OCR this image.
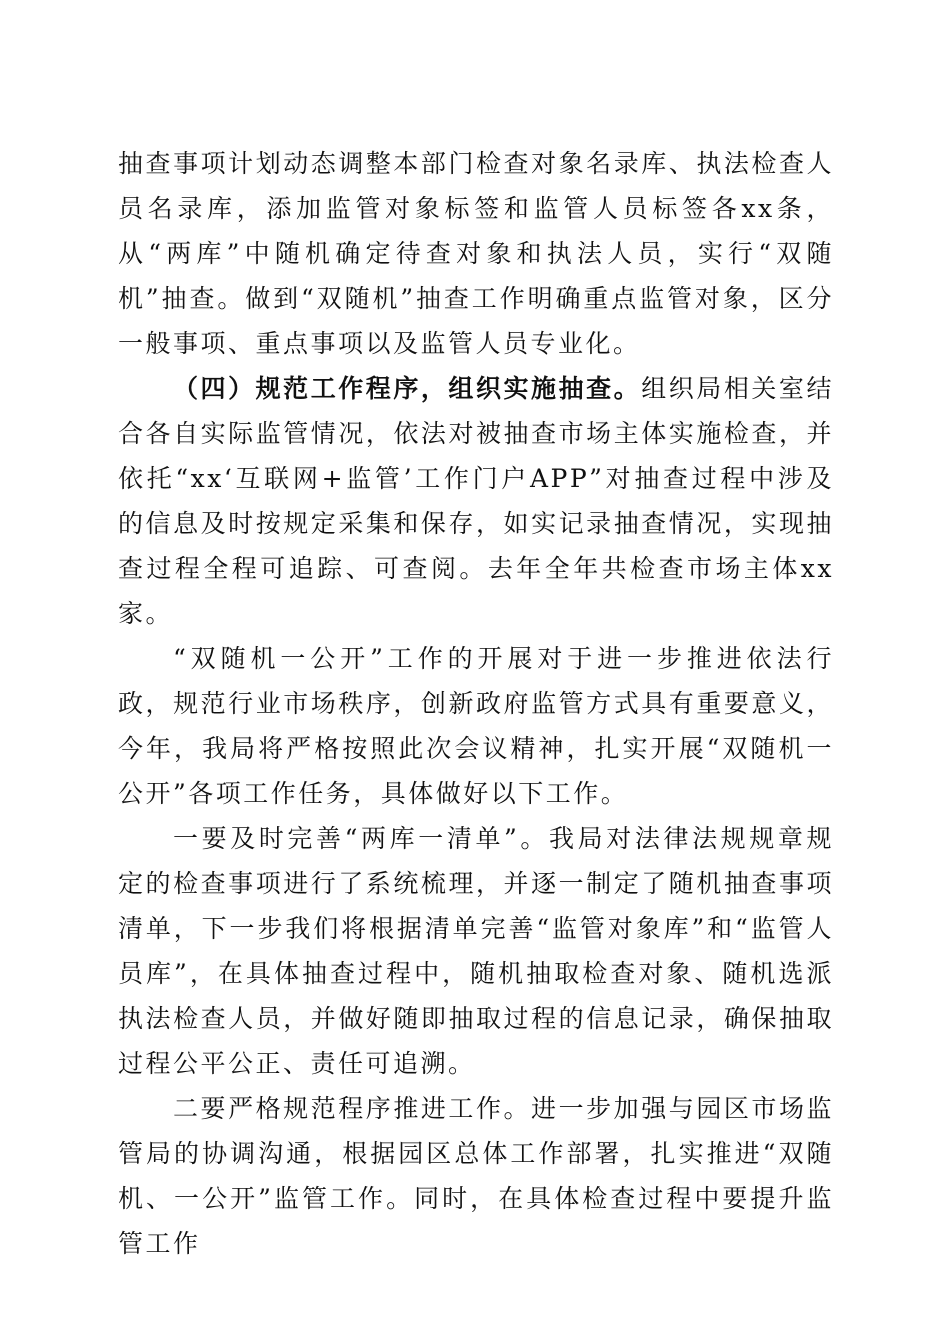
抽查事项计划动态调整本部门检查对象名录库、执法检查人员名录库，添加监管对象标签和监管人员标签各xx条，从“两库”中随机确定待查对象和执法人员，实行“双随机”抽查。做到“双随机”抽查工作明确重点监管对象，区分一般事项、重点事项以及监管人员专业化。

（四）规范工作程序，组织实施抽查。组织局相关室结合各自实际监管情况，依法对被抽查市场主体实施检查，并依托“xx‘互联网+监管’工作门户APP”对抽查过程中涉及的信息及时按规定采集和保存，如实记录抽查情况，实现抽查过程全程可追踪、可查阅。去年全年共检查市场主体xx家。

“双随机一公开”工作的开展对于进一步推进依法行政，规范行业市场秩序，创新政府监管方式具有重要意义，今年，我局将严格按照此次会议精神，扎实开展“双随机一公开”各项工作任务，具体做好以下工作。

一要及时完善“两库一清单”。我局对法律法规规章规定的检查事项进行了系统梳理，并逐一制定了随机抽查事项清单，下一步我们将根据清单完善“监管对象库”和“监管人员库”，在具体抽查过程中，随机抽取检查对象、随机选派执法检查人员，并做好随即抽取过程的信息记录，确保抽取过程公平公正、责任可追溯。

二要严格规范程序推进工作。进一步加强与园区市场监管局的协调沟通，根据园区总体工作部署，扎实推进“双随机、一公开”监管工作。同时，在具体检查过程中要提升监管工作
